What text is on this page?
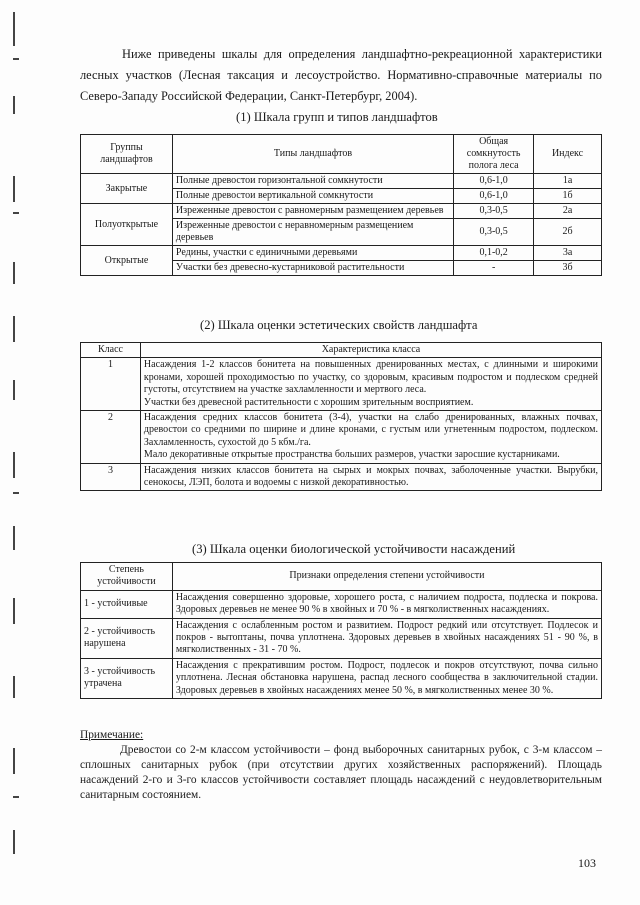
Ниже приведены шкалы для определения ландшафтно-рекреационной характеристики лесных участков (Лесная таксация и лесоустройство. Нормативно-справочные материалы по Северо-Западу Российской Федерации, Санкт-Петербург, 2004).

(1) Шкала групп и типов ландшафтов
Группы ландшафтов	Типы ландшафтов	Общая сомкнутость полога леса	Индекс
Закрытые	Полные древостои горизонтальной сомкнутости	0,6-1,0	1а
	Полные древостои вертикальной сомкнутости	0,6-1,0	1б
Полуоткрытые	Изреженные древостои с равномерным размещением деревьев	0,3-0,5	2а
	Изреженные древостои с неравномерным размещением деревьев	0,3-0,5	2б
Открытые	Редины, участки с единичными деревьями	0,1-0,2	3а
	Участки без древесно-кустарниковой растительности	-	3б
(2) Шкала оценки эстетических свойств ландшафта
Класс	Характеристика класса
1	Насаждения 1-2 классов бонитета на повышенных дренированных местах, с длинными и широкими кронами, хорошей проходимостью по участку, со здоровым, красивым подростом и подлеском средней густоты, отсутствием на участке захламленности и мертвого леса.
Участки без древесной растительности с хорошим зрительным восприятием.

2	Насаждения средних классов бонитета (3-4), участки на слабо дренированных, влажных почвах, древостои со средними по ширине и длине кронами, с густым или угнетенным подростом, подлеском. Захламленность, сухостой до 5 кбм./га.
Мало декоративные открытые пространства больших размеров, участки заросшие кустарниками.

3	Насаждения низких классов бонитета на сырых и мокрых почвах, заболоченные участки. Вырубки, сенокосы, ЛЭП, болота и водоемы с низкой декоративностью.
(3) Шкала оценки биологической устойчивости насаждений
Степень устойчивости	Признаки определения степени устойчивости
1 - устойчивые	Насаждения совершенно здоровые, хорошего роста, с наличием подроста, подлеска и покрова. Здоровых деревьев не менее 90 % в хвойных и 70 % - в мягколиственных насаждениях.
2 - устойчивость нарушена	Насаждения с ослабленным ростом и развитием. Подрост редкий или отсутствует. Подлесок и покров - вытоптаны, почва уплотнена. Здоровых деревьев в хвойных насаждениях 51 - 90 %, в мягколиственных - 31 - 70 %.
3 - устойчивость утрачена	Насаждения с прекратившим ростом. Подрост, подлесок и покров отсутствуют, почва сильно уплотнена. Лесная обстановка нарушена, распад лесного сообщества в заключительной стадии. Здоровых деревьев в хвойных насаждениях менее 50 %, в мягколиственных менее 30 %.
Примечание:

Древостои со 2-м классом устойчивости – фонд выборочных санитарных рубок, с 3-м классом – сплошных санитарных рубок (при отсутствии других хозяйственных распоряжений). Площадь насаждений 2-го и 3-го классов устойчивости составляет площадь насаждений с неудовлетворительным санитарным состоянием.

103
